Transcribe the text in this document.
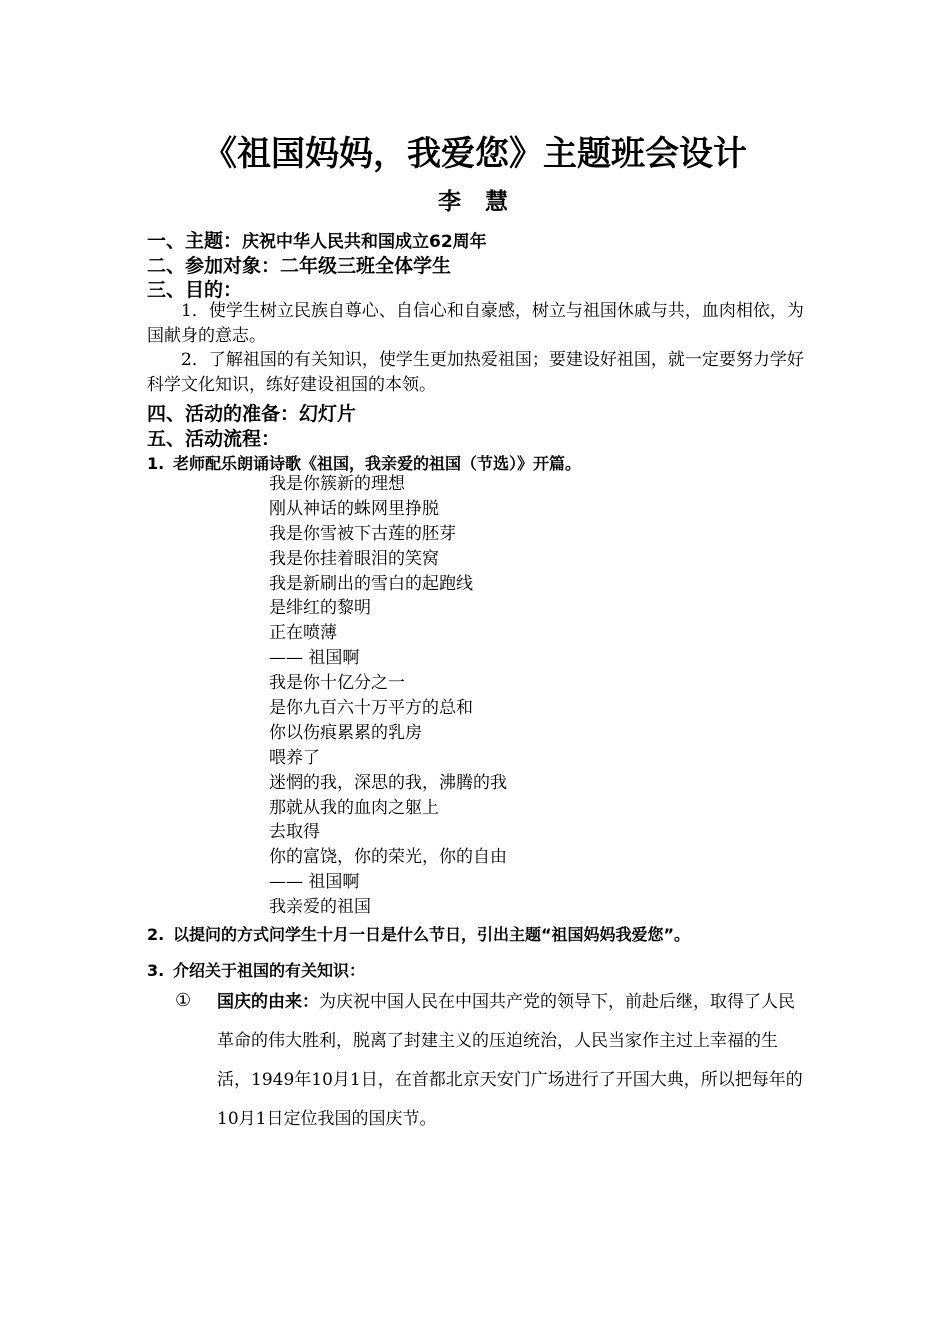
《祖国妈妈，我爱您》主题班会设计
李慧
一、主题：庆祝中华人民共和国成立62周年
二、参加对象：二年级三班全体学生
三、目的：
1．使学生树立民族自尊心、自信心和自豪感，树立与祖国休戚与共，血肉相依，为国献身的意志。
2．了解祖国的有关知识，使学生更加热爱祖国；要建设好祖国，就一定要努力学好科学文化知识，练好建设祖国的本领。
四、活动的准备：幻灯片
五、活动流程：
1. 老师配乐朗诵诗歌《祖国，我亲爱的祖国（节选）》开篇。
我是你簇新的理想
刚从神话的蛛网里挣脱
我是你雪被下古莲的胚芽
我是你挂着眼泪的笑窝
我是新刷出的雪白的起跑线
是绯红的黎明
正在喷薄
—— 祖国啊
我是你十亿分之一
是你九百六十万平方的总和
你以伤痕累累的乳房
喂养了
迷惘的我，深思的我，沸腾的我
那就从我的血肉之躯上
去取得
你的富饶，你的荣光，你的自由
—— 祖国啊
我亲爱的祖国
2. 以提问的方式问学生十月一日是什么节日，引出主题“祖国妈妈我爱您”。
3. 介绍关于祖国的有关知识：
① 国庆的由来：为庆祝中国人民在中国共产党的领导下，前赴后继，取得了人民革命的伟大胜利，脱离了封建主义的压迫统治，人民当家作主过上幸福的生活，1949年10月1日，在首都北京天安门广场进行了开国大典，所以把每年的10月1日定位我国的国庆节。
